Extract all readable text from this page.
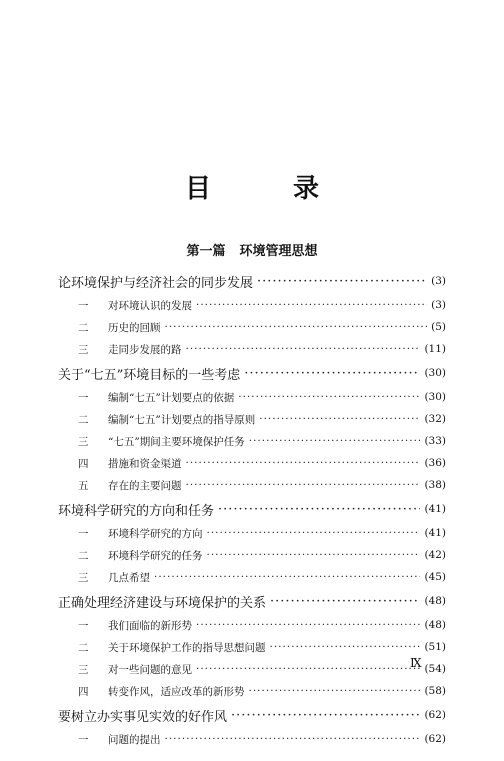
目　录
第一篇 环境管理思想
论环境保护与经济社会的同步发展 ·····	(3)
一	对环境认识的发展 ·····	(3)
二	历史的回顾 ·····	(5)
三	走同步发展的路 ·····	(11)
关于“七五”环境目标的一些考虑 ·····	(30)
一	编制“七五”计划要点的依据 ·····	(30)
二	编制“七五”计划要点的指导原则 ·····	(32)
三	“七五”期间主要环境保护任务 ·····	(33)
四	措施和资金渠道 ·····	(36)
五	存在的主要问题 ·····	(38)
环境科学研究的方向和任务 ·····	(41)
一	环境科学研究的方向 ·····	(41)
二	环境科学研究的任务 ·····	(42)
三	几点希望 ·····	(45)
正确处理经济建设与环境保护的关系 ·····	(48)
一	我们面临的新形势 ·····	(48)
二	关于环境保护工作的指导思想问题 ·····	(51)
三	对一些问题的意见 ·····	(54)
四	转变作风，适应改革的新形势 ·····	(58)
要树立办实事见实效的好作风 ·····	(62)
一	问题的提出 ·····	(62)
Ⅸ
